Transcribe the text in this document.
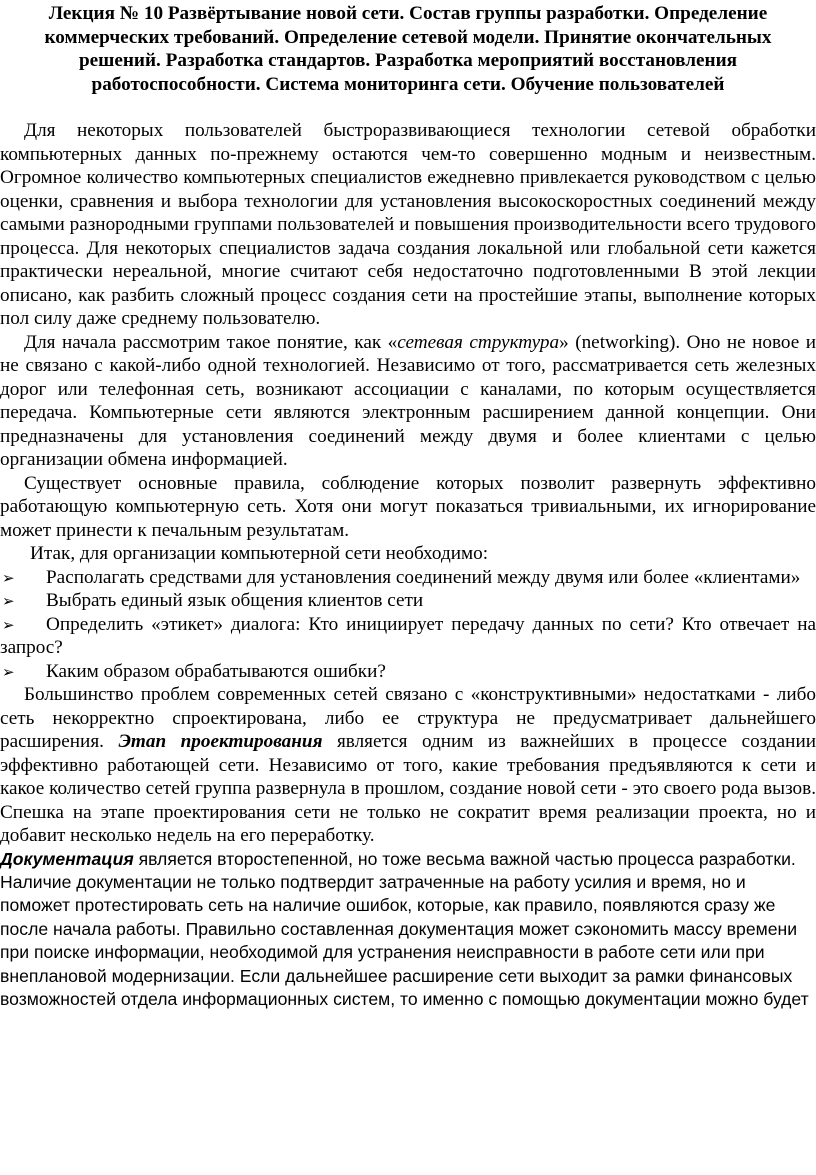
Лекция № 10 Развёртывание новой сети. Состав группы разработки. Определение коммерческих требований. Определение сетевой модели. Принятие окончательных решений. Разработка стандартов. Разработка мероприятий восстановления работоспособности. Система мониторинга сети. Обучение пользователей

Для некоторых пользователей быстроразвивающиеся технологии сетевой обработки компьютерных данных по-прежнему остаются чем-то совершенно модным и неизвестным. Огромное количество компьютерных специалистов ежедневно привлекается руководством с целью оценки, сравнения и выбора технологии для установления высокоскоростных соединений между самыми разнородными группами пользователей и повышения производительности всего трудового процесса. Для некоторых специалистов задача создания локальной или глобальной сети кажется практически нереальной, многие считают себя недостаточно подготовленными В этой лекции описано, как разбить сложный процесс создания сети на простейшие этапы, выполнение которых пол силу даже среднему пользователю.

Для начала рассмотрим такое понятие, как «сетевая структура» (networking). Оно не новое и не связано с какой-либо одной технологией. Независимо от того, рассматривается сеть железных дорог или телефонная сеть, возникают ассоциации с каналами, по которым осуществляется передача. Компьютерные сети являются электронным расширением данной концепции. Они предназначены для установления соединений между двумя и более клиентами с целью организации обмена информацией.

Существует основные правила, соблюдение которых позволит развернуть эффективно работающую компьютерную сеть. Хотя они могут показаться тривиальными, их игнорирование может принести к печальным результатам.

Итак, для организации компьютерной сети необходимо:

➢ Располагать средствами для установления соединений между двумя или более «клиентами»
➢ Выбрать единый язык общения клиентов сети
➢ Определить «этикет» диалога: Кто инициирует передачу данных по сети? Кто отвечает на запрос?
➢ Каким образом обрабатываются ошибки?

Большинство проблем современных сетей связано с «конструктивными» недостатками - либо сеть некорректно спроектирована, либо ее структура не предусматривает дальнейшего расширения. Этап проектирования является одним из важнейших в процессе создании эффективно работающей сети. Независимо от того, какие требования предъявляются к сети и какое количество сетей группа развернула в прошлом, создание новой сети - это своего рода вызов. Спешка на этапе проектирования сети не только не сократит время реализации проекта, но и добавит несколько недель на его переработку.

Документация является второстепенной, но тоже весьма важной частью процесса разработки. Наличие документации не только подтвердит затраченные на работу усилия и время, но и поможет протестировать сеть на наличие ошибок, которые, как правило, появляются сразу же после начала работы. Правильно составленная документация может сэкономить массу времени при поиске информации, необходимой для устранения неисправности в работе сети или при внеплановой модернизации. Если дальнейшее расширение сети выходит за рамки финансовых возможностей отдела информационных систем, то именно с помощью документации можно будет
